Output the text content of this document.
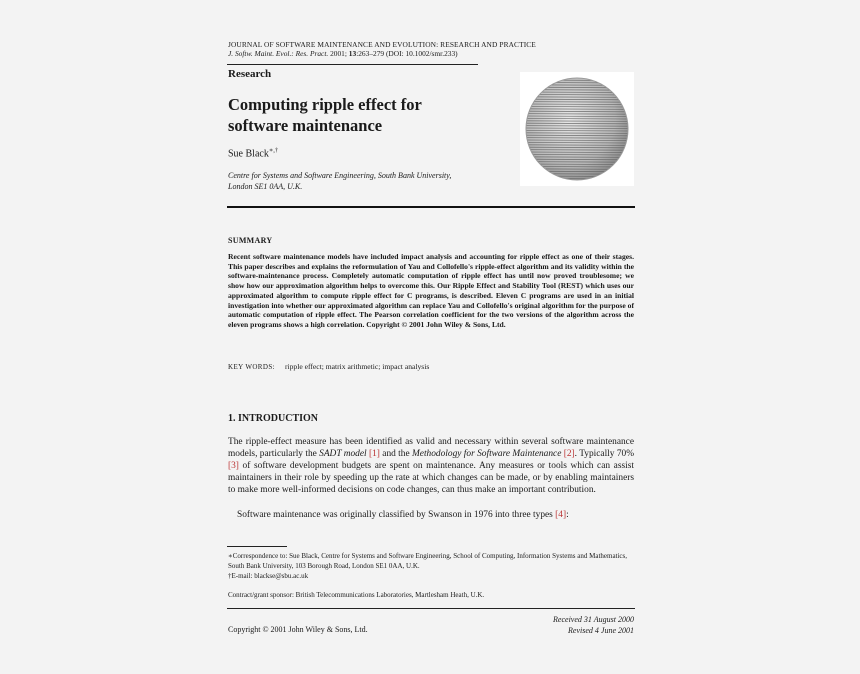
JOURNAL OF SOFTWARE MAINTENANCE AND EVOLUTION: RESEARCH AND PRACTICE
J. Softw. Maint. Evol.: Res. Pract. 2001; 13:263–279 (DOI: 10.1002/smr.233)
Research
Computing ripple effect for
software maintenance
Sue Black∗,†
Centre for Systems and Software Engineering, South Bank University,
London SE1 0AA, U.K.
SUMMARY
Recent software maintenance models have included impact analysis and accounting for ripple effect as one of their stages. This paper describes and explains the reformulation of Yau and Collofello's ripple-effect algorithm and its validity within the software-maintenance process. Completely automatic computation of ripple effect has until now proved troublesome; we show how our approximation algorithm helps to overcome this. Our Ripple Effect and Stability Tool (REST) which uses our approximated algorithm to compute ripple effect for C programs, is described. Eleven C programs are used in an initial investigation into whether our approximated algorithm can replace Yau and Collofello's original algorithm for the purpose of automatic computation of ripple effect. The Pearson correlation coefficient for the two versions of the algorithm across the eleven programs shows a high correlation. Copyright © 2001 John Wiley & Sons, Ltd.
KEY WORDS: ripple effect; matrix arithmetic; impact analysis
1. INTRODUCTION
The ripple-effect measure has been identified as valid and necessary within several software maintenance models, particularly the SADT model [1] and the Methodology for Software Maintenance [2]. Typically 70% [3] of software development budgets are spent on maintenance. Any measures or tools which can assist maintainers in their role by speeding up the rate at which changes can be made, or by enabling maintainers to make more well-informed decisions on code changes, can thus make an important contribution.
Software maintenance was originally classified by Swanson in 1976 into three types [4]:
∗Correspondence to: Sue Black, Centre for Systems and Software Engineering, School of Computing, Information Systems and Mathematics, South Bank University, 103 Borough Road, London SE1 0AA, U.K.
†E-mail: blackse@sbu.ac.uk
Contract/grant sponsor: British Telecommunications Laboratories, Martlesham Heath, U.K.
Copyright © 2001 John Wiley & Sons, Ltd.
Received 31 August 2000
Revised 4 June 2001
